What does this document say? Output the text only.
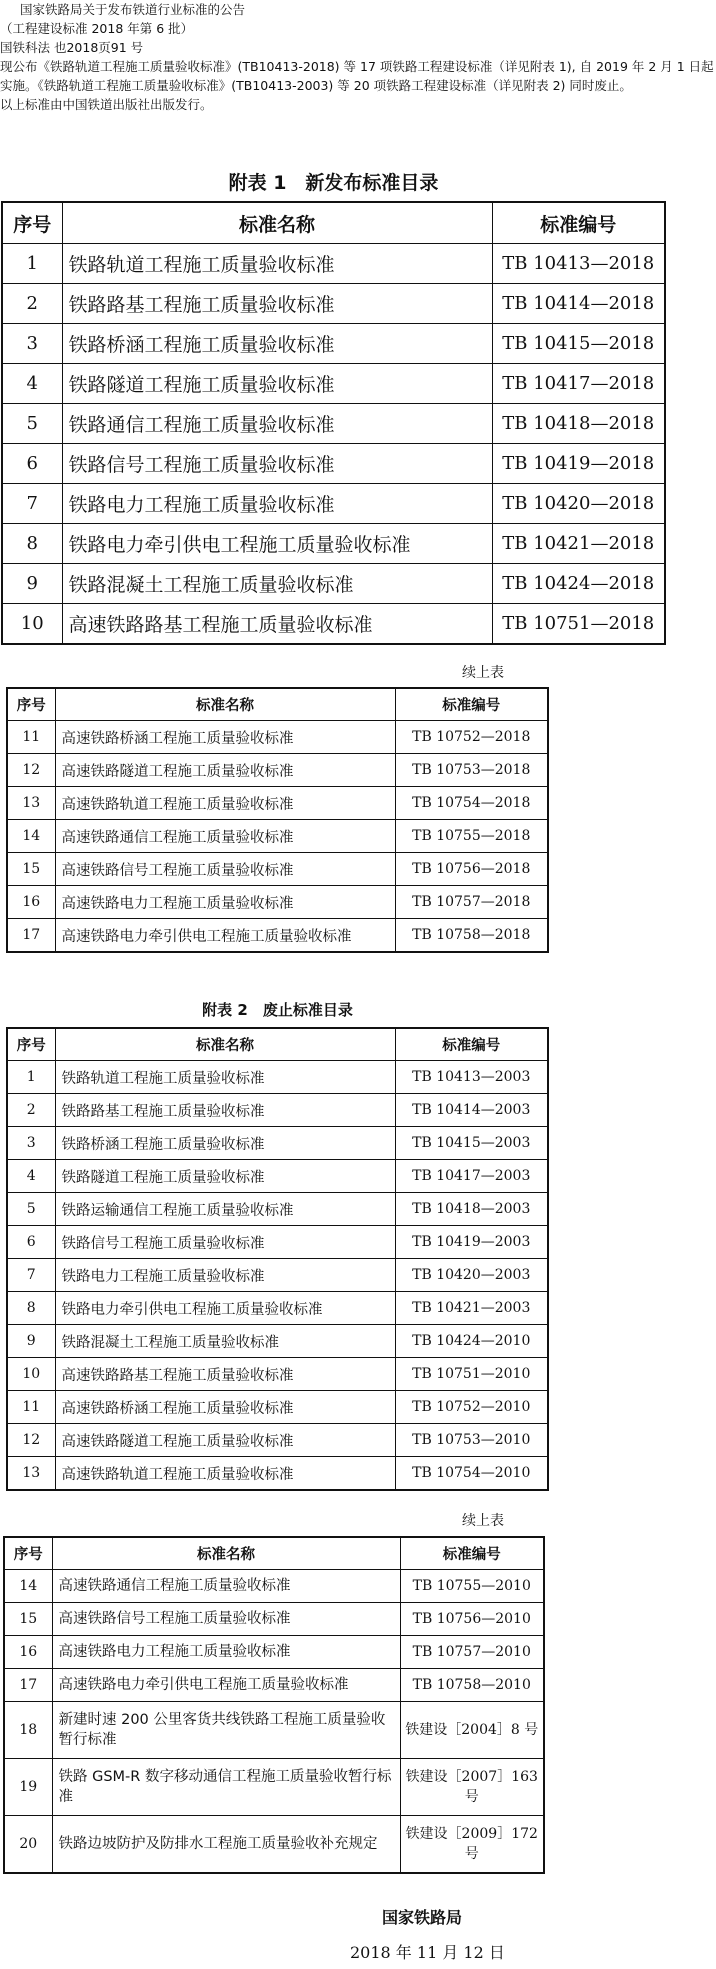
国家铁路局关于发布铁道行业标准的公告
（工程建设标准 2018 年第 6 批）
国铁科法 也2018页91 号
现公布《铁路轨道工程施工质量验收标准》(TB10413-2018) 等 17 项铁路工程建设标准（详见附表 1), 自 2019 年 2 月 1 日起实施。《铁路轨道工程施工质量验收标准》(TB10413-2003) 等 20 项铁路工程建设标准（详见附表 2) 同时废止。
以上标准由中国铁道出版社出版发行。
附表 1　新发布标准目录
序号	标准名称	标准编号
1	铁路轨道工程施工质量验收标准	TB 10413—2018
2	铁路路基工程施工质量验收标准	TB 10414—2018
3	铁路桥涵工程施工质量验收标准	TB 10415—2018
4	铁路隧道工程施工质量验收标准	TB 10417—2018
5	铁路通信工程施工质量验收标准	TB 10418—2018
6	铁路信号工程施工质量验收标准	TB 10419—2018
7	铁路电力工程施工质量验收标准	TB 10420—2018
8	铁路电力牵引供电工程施工质量验收标准	TB 10421—2018
9	铁路混凝土工程施工质量验收标准	TB 10424—2018
10	高速铁路路基工程施工质量验收标准	TB 10751—2018
续上表
序号	标准名称	标准编号
11	高速铁路桥涵工程施工质量验收标准	TB 10752—2018
12	高速铁路隧道工程施工质量验收标准	TB 10753—2018
13	高速铁路轨道工程施工质量验收标准	TB 10754—2018
14	高速铁路通信工程施工质量验收标准	TB 10755—2018
15	高速铁路信号工程施工质量验收标准	TB 10756—2018
16	高速铁路电力工程施工质量验收标准	TB 10757—2018
17	高速铁路电力牵引供电工程施工质量验收标准	TB 10758—2018
附表 2　废止标准目录
序号	标准名称	标准编号
1	铁路轨道工程施工质量验收标准	TB 10413—2003
2	铁路路基工程施工质量验收标准	TB 10414—2003
3	铁路桥涵工程施工质量验收标准	TB 10415—2003
4	铁路隧道工程施工质量验收标准	TB 10417—2003
5	铁路运输通信工程施工质量验收标准	TB 10418—2003
6	铁路信号工程施工质量验收标准	TB 10419—2003
7	铁路电力工程施工质量验收标准	TB 10420—2003
8	铁路电力牵引供电工程施工质量验收标准	TB 10421—2003
9	铁路混凝土工程施工质量验收标准	TB 10424—2010
10	高速铁路路基工程施工质量验收标准	TB 10751—2010
11	高速铁路桥涵工程施工质量验收标准	TB 10752—2010
12	高速铁路隧道工程施工质量验收标准	TB 10753—2010
13	高速铁路轨道工程施工质量验收标准	TB 10754—2010
续上表
序号	标准名称	标准编号
14	高速铁路通信工程施工质量验收标准	TB 10755—2010
15	高速铁路信号工程施工质量验收标准	TB 10756—2010
16	高速铁路电力工程施工质量验收标准	TB 10757—2010
17	高速铁路电力牵引供电工程施工质量验收标准	TB 10758—2010
18	新建时速 200 公里客货共线铁路工程施工质量验收暂行标准	铁建设［2004］8 号
19	铁路 GSM-R 数字移动通信工程施工质量验收暂行标准	铁建设［2007］163 号
20	铁路边坡防护及防排水工程施工质量验收补充规定	铁建设［2009］172 号
国家铁路局
2018 年 11 月 12 日
